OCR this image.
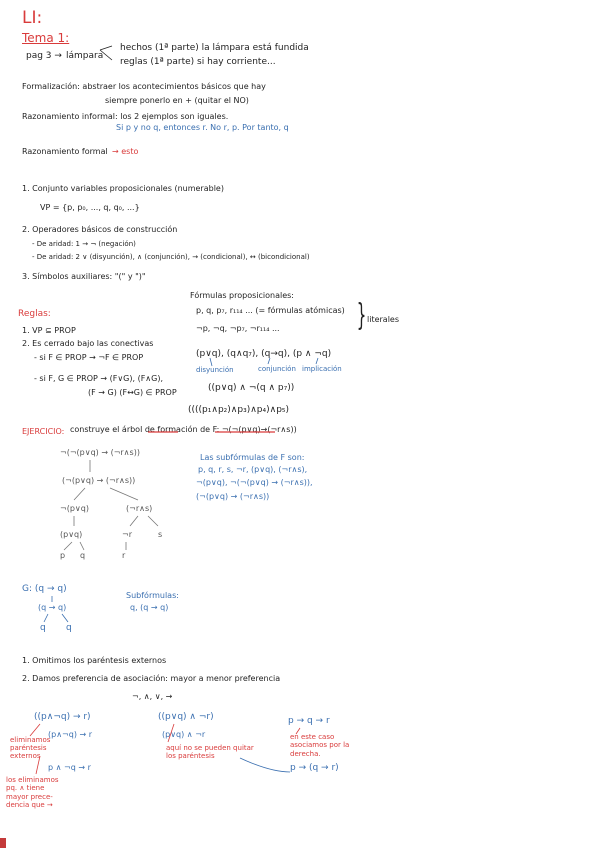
LI:
Tema 1:
pag 3 → lámpara
hechos (1ª parte) la lámpara está fundida
reglas (1ª parte) si hay corriente...
Formalización: abstraer los acontecimientos básicos que hay
siempre ponerlo en + (quitar el NO)
Razonamiento informal: los 2 ejemplos son iguales.
Si p y no q, entonces r. No r, p. Por tanto, q
Razonamiento formal → esto
1. Conjunto variables proposicionales (numerable)
VP = {p, p₀, ..., q, q₀, ...}
2. Operadores básicos de construcción
- De aridad: 1 → ¬ (negación)
- De aridad: 2 ∨ (disyunción), ∧ (conjunción), → (condicional), ↔ (bicondicional)
3. Símbolos auxiliares: "(" y ")"
Reglas:
1. VP ⊆ PROP
2. Es cerrado bajo las conectivas
- si F ∈ PROP → ¬F ∈ PROP
- si F, G ∈ PROP → (F∨G), (F∧G),
(F → G) (F↔G) ∈ PROP
Fórmulas proposicionales:
p, q, p₇, r₁₁₄ ... (= fórmulas atómicas)
¬p, ¬q, ¬p₇, ¬r₁₁₄ ...	} literales
(p∨q), (q∧q₇), (q→q), (p ∧ ¬q)
disyunción	conjunción implicación
((p∨q) ∧ ¬(q ∧ p₇))
((((p₁∧p₂)∧p₃)∧p₄)∧p₅)
EJERCICIO: construye el árbol de formación de F: ¬(¬(p∨q)→(¬r∧s))
¬(¬(p∨q) → (¬r∧s))
(¬(p∨q) → (¬r∧s))
¬(p∨q)	(¬r∧s)
(p∨q)	¬r	s
p q	r
Las subfórmulas de F son:
p, q, r, s, ¬r, (p∨q), (¬r∧s),
¬(p∨q), ¬(¬(p∨q) → (¬r∧s)),
(¬(p∨q) → (¬r∧s))
G: (q → q)
(q → q)
q q
Subfórmulas:
q, (q → q)
1. Omitimos los paréntesis externos
2. Damos preferencia de asociación: mayor a menor preferencia
¬, ∧, ∨, →
((p∧¬q) → r)
(p∧¬q) → r
p ∧ ¬q → r
((p∨q) ∧ ¬r)
(p∨q) ∧ ¬r
p → q → r
p → (q → r)
eliminamos paréntesis externos
los eliminamos pq. ∧ tiene mayor prece-dencia que →
aquí no se pueden quitar los paréntesis
en este caso asociamos por la derecha.
